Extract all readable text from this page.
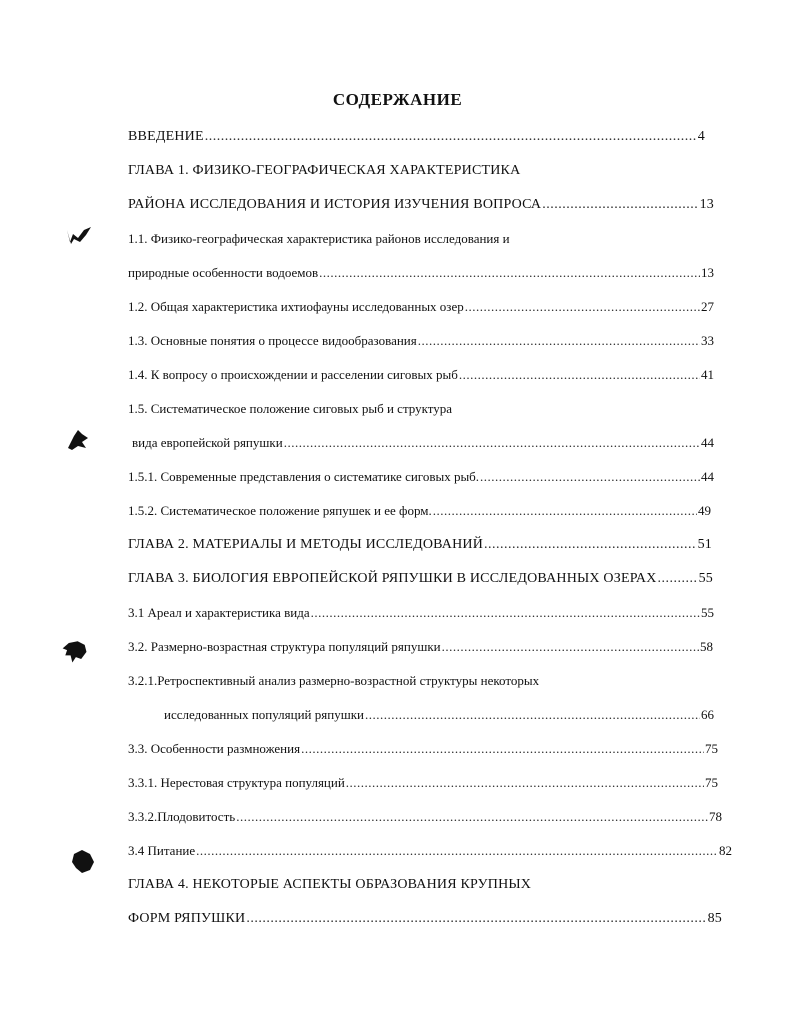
СОДЕРЖАНИЕ
ВВЕДЕНИЕ .....	4
ГЛАВА 1. ФИЗИКО-ГЕОГРАФИЧЕСКАЯ ХАРАКТЕРИСТИКА
РАЙОНА ИССЛЕДОВАНИЯ И ИСТОРИЯ ИЗУЧЕНИЯ ВОПРОСА .....	13
1.1. Физико-географическая характеристика районов исследования и
природные особенности водоемов .....	13
1.2. Общая характеристика ихтиофауны исследованных озер .....	27
1.3. Основные понятия о процессе видообразования .....	33
1.4. К вопросу о происхождении и расселении сиговых рыб .....	41
1.5. Систематическое положение сиговых рыб и структура
вида европейской ряпушки .....	44
1.5.1. Современные представления о систематике сиговых рыб. .....	44
1.5.2. Систематическое положение ряпушек и ее форм. .....	49
ГЛАВА 2. МАТЕРИАЛЫ И МЕТОДЫ ИССЛЕДОВАНИЙ .....	51
ГЛАВА 3. БИОЛОГИЯ ЕВРОПЕЙСКОЙ РЯПУШКИ В ИССЛЕДОВАННЫХ ОЗЕРАХ .....	55
3.1 Ареал и характеристика вида .....	55
3.2. Размерно-возрастная структура популяций ряпушки .....	58
3.2.1.Ретроспективный анализ размерно-возрастной структуры некоторых
исследованных популяций ряпушки .....	66
3.3. Особенности размножения .....	75
3.3.1. Нерестовая структура популяций .....	75
3.3.2.Плодовитость .....	78
3.4 Питание .....	82
ГЛАВА 4. НЕКОТОРЫЕ АСПЕКТЫ ОБРАЗОВАНИЯ КРУПНЫХ
ФОРМ РЯПУШКИ .....	85
